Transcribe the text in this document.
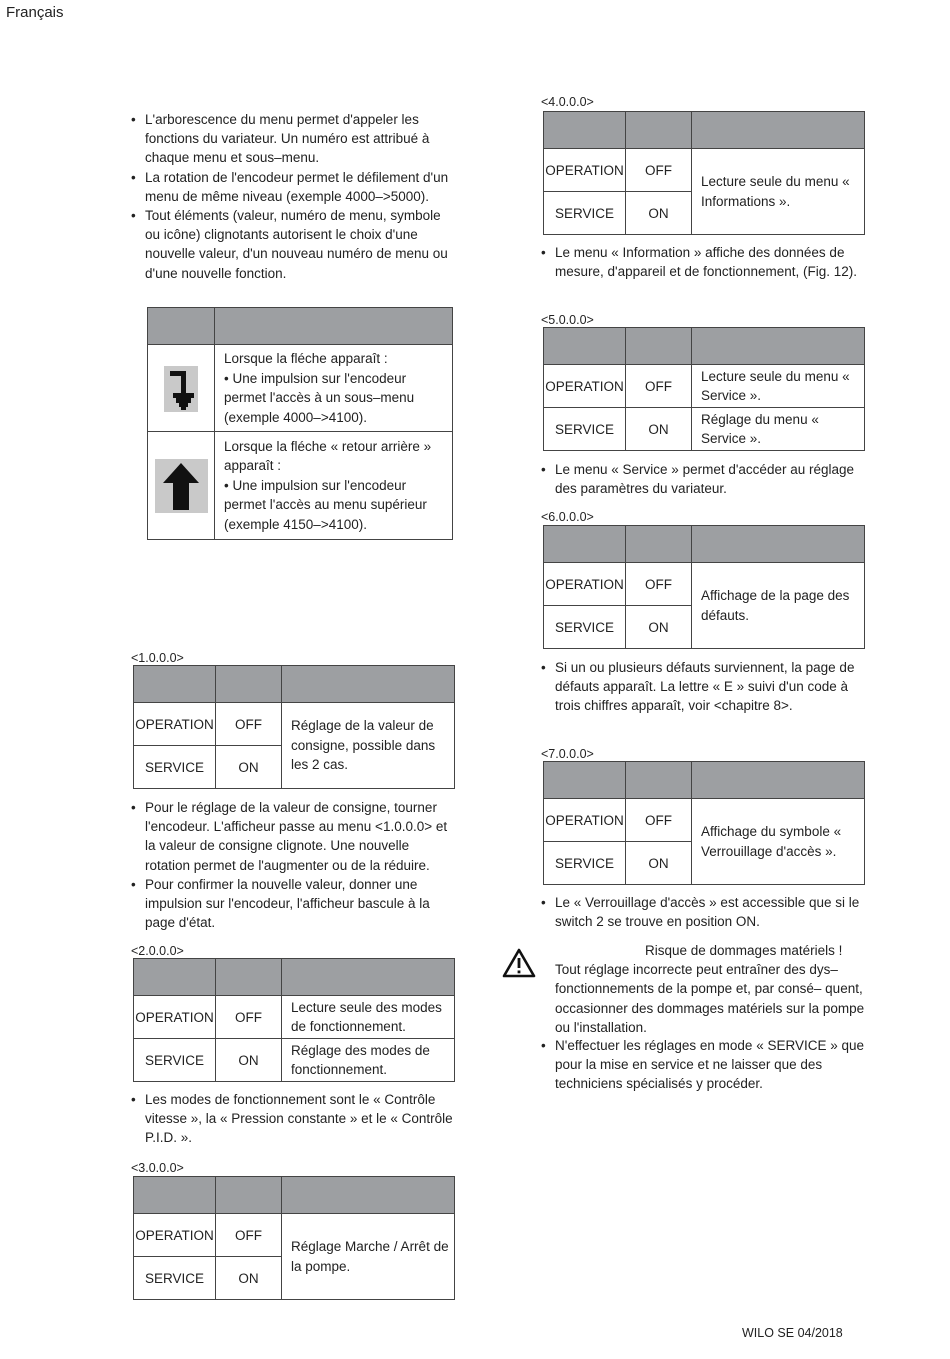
Français
• L'arborescence du menu permet d'appeler les fonctions du variateur. Un numéro est attribué à chaque menu et sous–menu.
• La rotation de l'encodeur permet le défilement d'un menu de même niveau (exemple 4000–>5000).
• Tout éléments (valeur, numéro de menu, symbole ou icône) clignotants autorisent le choix d'une nouvelle valeur, d'un nouveau numéro de menu ou d'une nouvelle fonction.

Lorsque la fléche apparaît :
• Une impulsion sur l'encodeur permet l'accès à un sous–menu (exemple 4000–>4100).

Lorsque la fléche « retour arrière » apparaît :
• Une impulsion sur l'encodeur permet l'accès au menu supérieur (exemple 4150–>4100).
<1.0.0.0>

OPERATION	OFF	Réglage de la valeur de consigne, possible dans les 2 cas.
SERVICE	ON	
• Pour le réglage de la valeur de consigne, tourner l'encodeur. L'afficheur passe au menu <1.0.0.0> et la valeur de consigne clignote. Une nouvelle rotation permet de l'augmenter ou de la réduire.
• Pour confirmer la nouvelle valeur, donner une impulsion sur l'encodeur, l'afficheur bascule à la page d'état.
<2.0.0.0>

OPERATION	OFF	Lecture seule des modes de fonctionnement.
SERVICE	ON	Réglage des modes de fonctionnement.
• Les modes de fonctionnement sont le « Contrôle vitesse », la « Pression constante » et le « Contrôle P.I.D. ».
<3.0.0.0>

OPERATION	OFF	Réglage Marche / Arrêt de la pompe.
SERVICE	ON	
<4.0.0.0>

OPERATION	OFF	Lecture seule du menu « Informations ».
SERVICE	ON	
• Le menu « Information » affiche des données de mesure, d'appareil et de fonctionnement, (Fig. 12).
<5.0.0.0>

OPERATION	OFF	Lecture seule du menu « Service ».
SERVICE	ON	Réglage du menu « Service ».
• Le menu « Service » permet d'accéder au réglage des paramètres du variateur.
<6.0.0.0>

OPERATION	OFF	Affichage de la page des défauts.
SERVICE	ON	
• Si un ou plusieurs défauts surviennent, la page de défauts apparaît. La lettre « E » suivi d'un code à trois chiffres apparaît, voir <chapitre 8>.
<7.0.0.0>

OPERATION	OFF	Affichage du symbole « Verrouillage d'accès ».
SERVICE	ON	
• Le « Verrouillage d'accès » est accessible que si le switch 2 se trouve en position ON.
Risque de dommages matériels !
Tout réglage incorrecte peut entraîner des dys– fonctionnements de la pompe et, par consé– quent, occasionner des dommages matériels sur la pompe ou l'installation.
• N'effectuer les réglages en mode « SERVICE » que pour la mise en service et ne laisser que des techniciens spécialisés y procéder.
WILO SE 04/2018
